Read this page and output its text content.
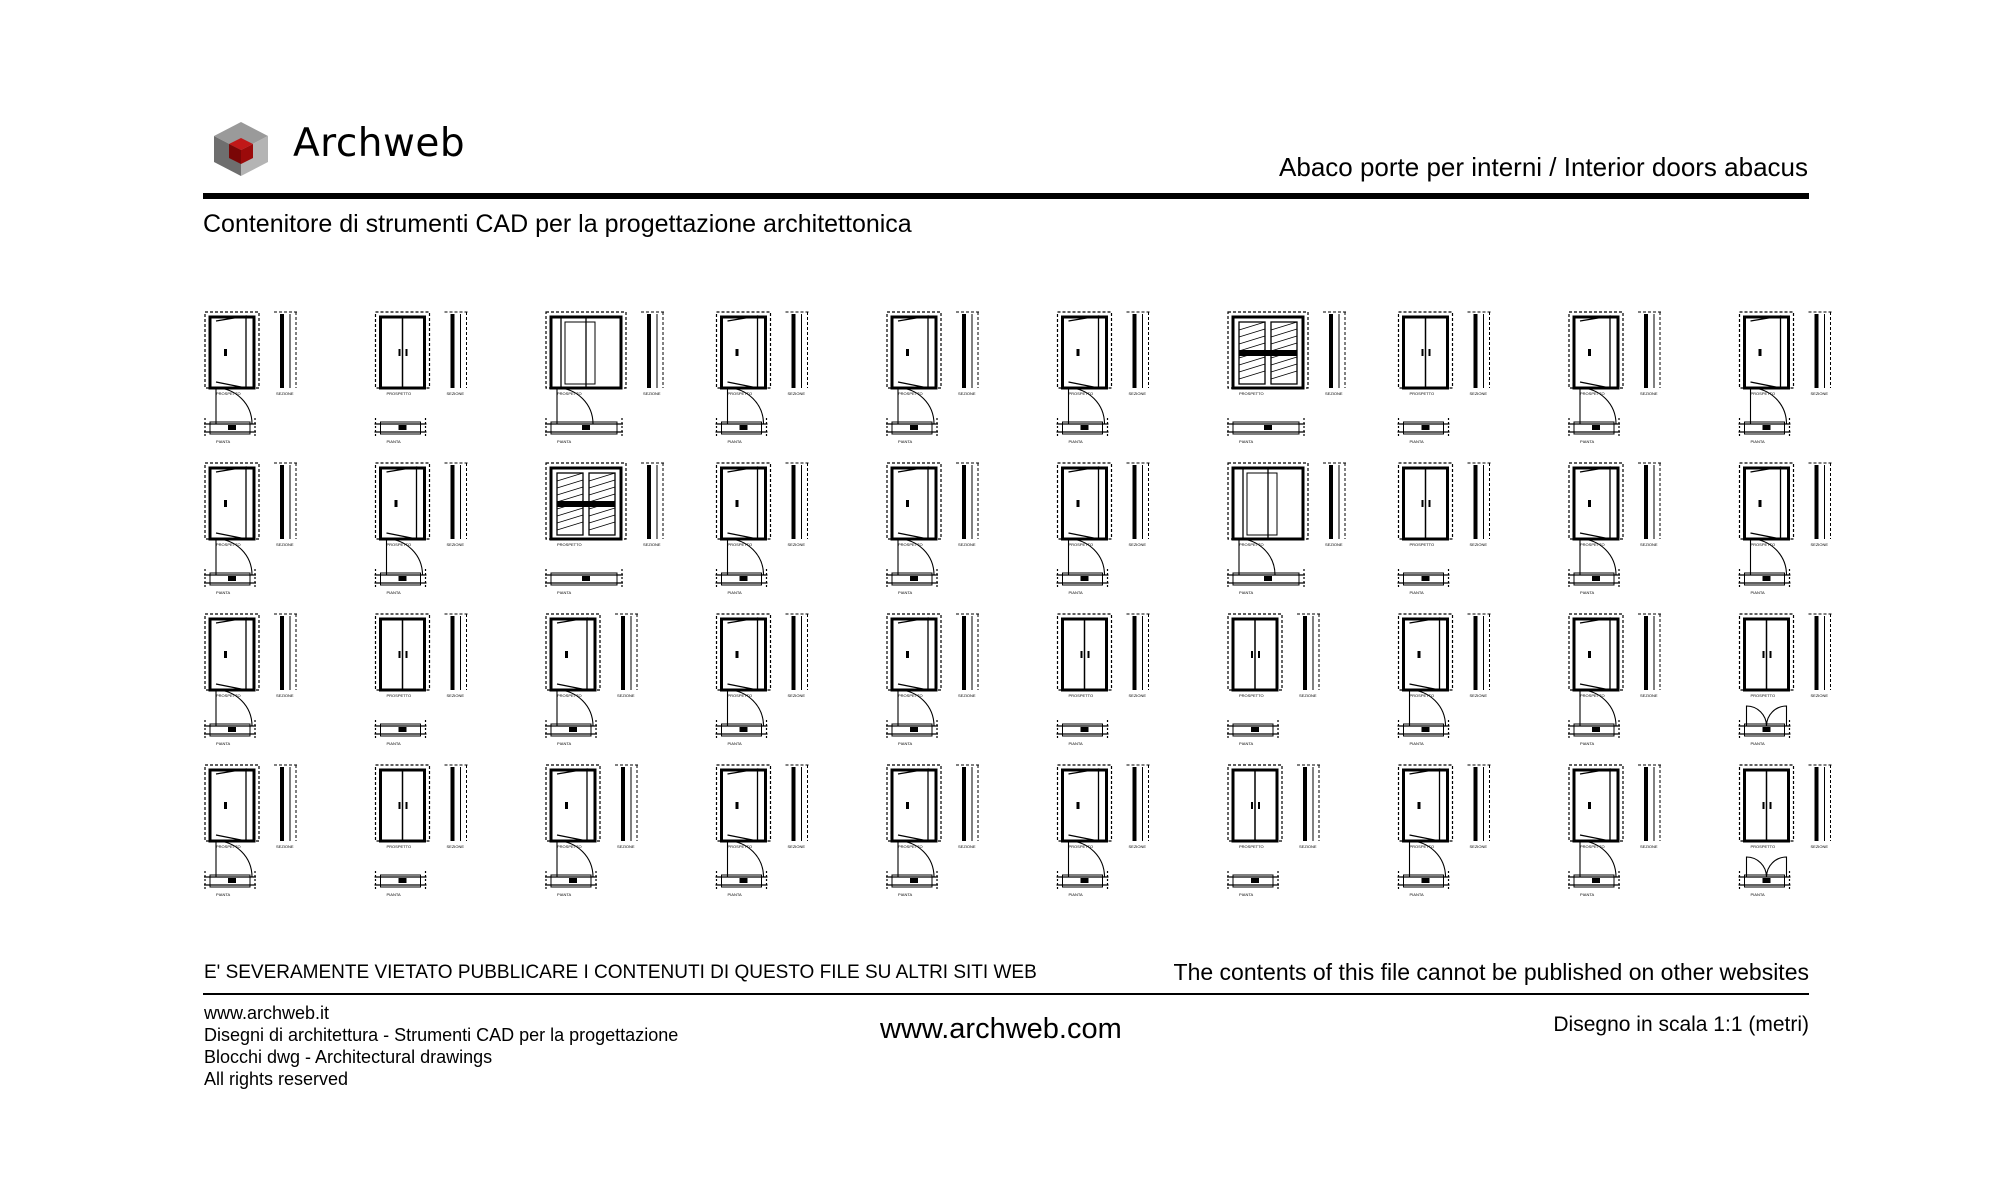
Archweb
Abaco porte per interni / Interior doors abacus
Contenitore di strumenti CAD per la progettazione architettonica
PROSPETTO	SEZIONE
PIANTA
PROSPETTO	SEZIONE
PIANTA
PROSPETTO	SEZIONE
PIANTA
PROSPETTO	SEZIONE
PIANTA
PROSPETTO	SEZIONE
PIANTA
PROSPETTO	SEZIONE
PIANTA
PROSPETTO	SEZIONE
PIANTA
PROSPETTO	SEZIONE
PIANTA
PROSPETTO	SEZIONE
PIANTA
PROSPETTO	SEZIONE
PIANTA
PROSPETTO	SEZIONE
PIANTA
PROSPETTO	SEZIONE
PIANTA
PROSPETTO	SEZIONE
PIANTA
PROSPETTO	SEZIONE
PIANTA
PROSPETTO	SEZIONE
PIANTA
PROSPETTO	SEZIONE
PIANTA
PROSPETTO	SEZIONE
PIANTA
PROSPETTO	SEZIONE
PIANTA
PROSPETTO	SEZIONE
PIANTA
PROSPETTO	SEZIONE
PIANTA
PROSPETTO	SEZIONE
PIANTA
PROSPETTO	SEZIONE
PIANTA
PROSPETTO	SEZIONE
PIANTA
PROSPETTO	SEZIONE
PIANTA
PROSPETTO	SEZIONE
PIANTA
PROSPETTO	SEZIONE
PIANTA
PROSPETTO	SEZIONE
PIANTA
PROSPETTO	SEZIONE
PIANTA
PROSPETTO	SEZIONE
PIANTA
PROSPETTO	SEZIONE
PIANTA
PROSPETTO	SEZIONE
PIANTA
PROSPETTO	SEZIONE
PIANTA
PROSPETTO	SEZIONE
PIANTA
PROSPETTO	SEZIONE
PIANTA
PROSPETTO	SEZIONE
PIANTA
PROSPETTO	SEZIONE
PIANTA
PROSPETTO	SEZIONE
PIANTA
PROSPETTO	SEZIONE
PIANTA
PROSPETTO	SEZIONE
PIANTA
PROSPETTO	SEZIONE
PIANTA
E' SEVERAMENTE VIETATO PUBBLICARE I CONTENUTI DI QUESTO FILE SU ALTRI SITI WEB	The contents of this file cannot be published on other websites
www.archweb.it
Disegni di architettura - Strumenti CAD per la progettazione
Blocchi dwg - Architectural drawings
All rights reserved
www.archweb.com	Disegno in scala 1:1 (metri)
